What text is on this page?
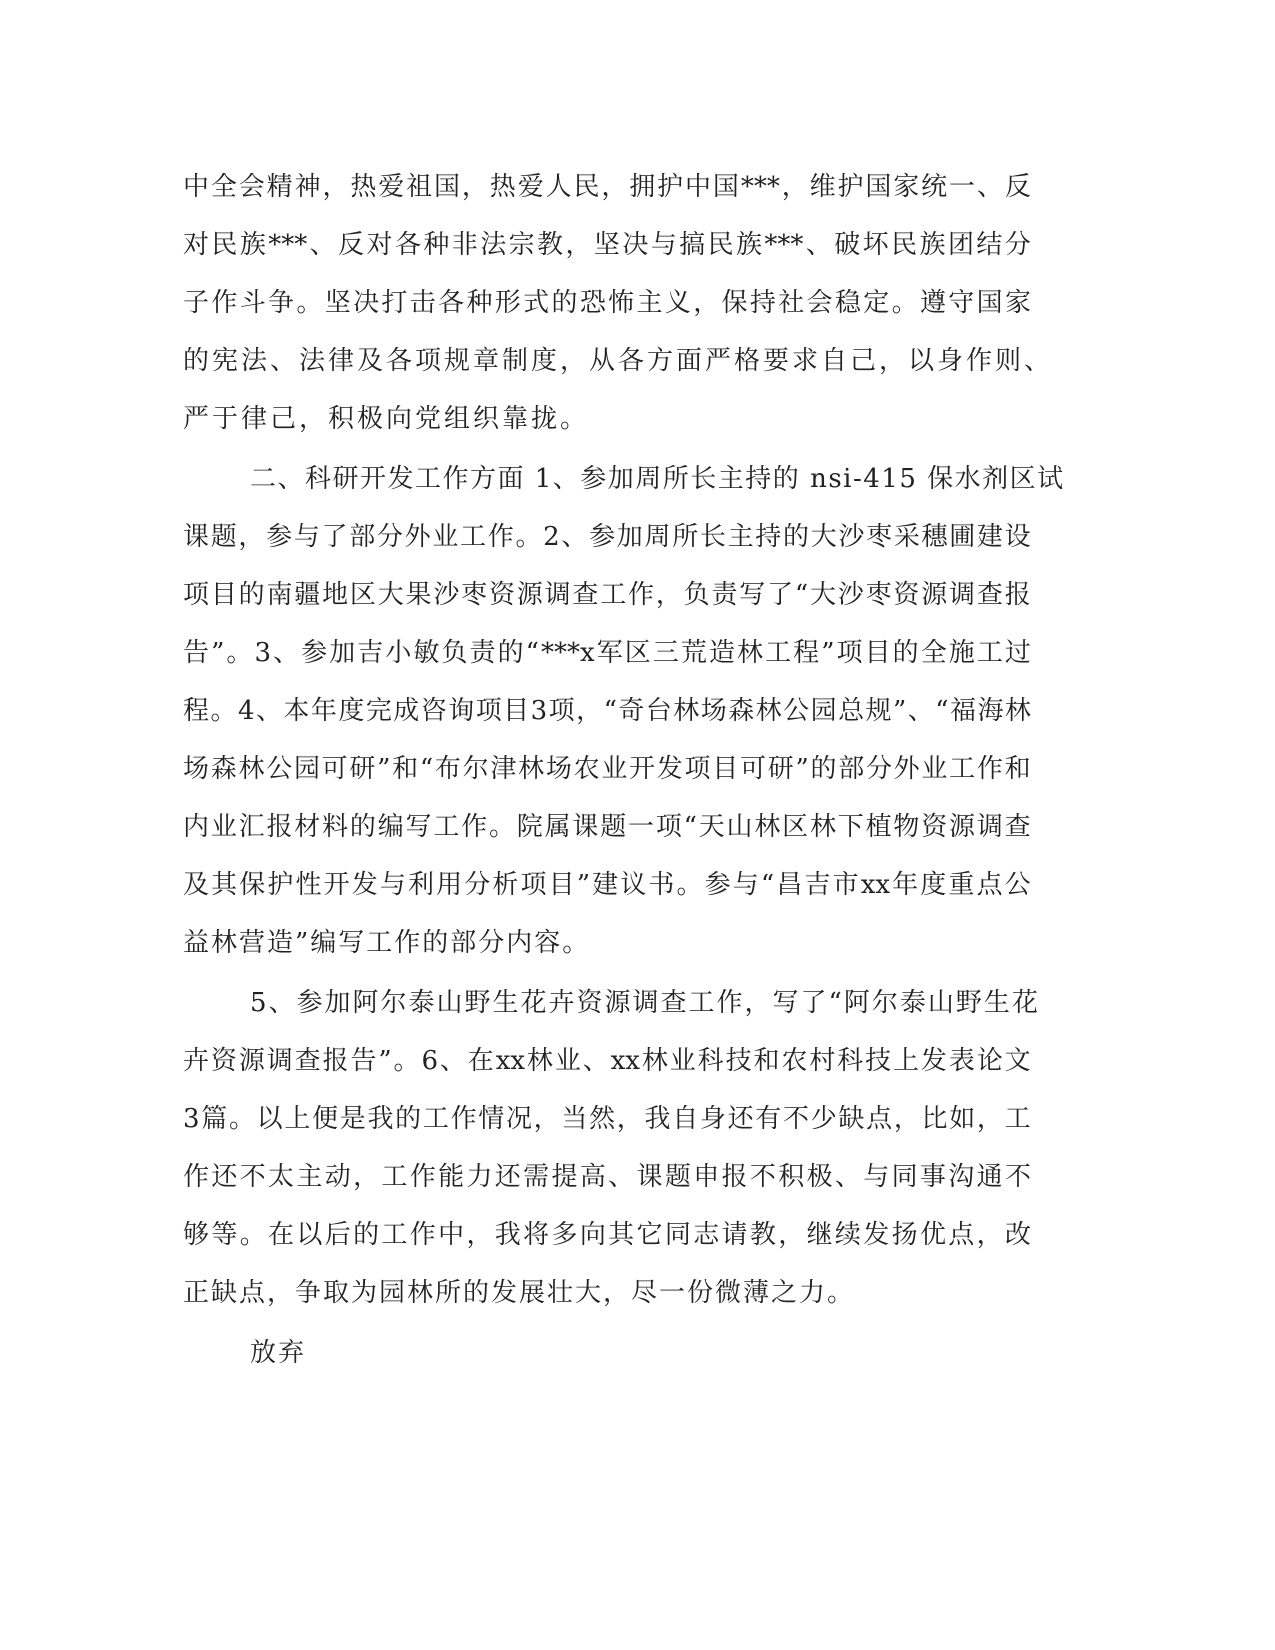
中 全 会 精 神 ， 热 爱 祖 国 ， 热 爱 人 民 ， 拥 护 中 国 *** ， 维 护 国 家 统 一 、 反
对 民 族 *** 、 反 对 各 种 非 法 宗 教 ， 坚 决 与 搞 民 族 *** 、 破 坏 民 族 团 结 分
子 作 斗 争 。 坚 决 打 击 各 种 形 式 的 恐 怖 主 义 ， 保 持 社 会 稳 定 。 遵 守 国 家
的宪法、法律及各项规章制度，从各方面严格要求自己，以身作则、
严于律己，积极向党组织靠拢。
二、科研开发工作方面 1、参加周所长主持的 nsi-415 保水剂区试
课 题 ， 参 与 了 部 分 外 业 工 作 。 2 、 参 加 周 所 长 主 持 的 大 沙 枣 采 穗 圃 建 设
项 目 的 南 疆 地 区 大 果 沙 枣 资 源 调 查 工 作 ， 负 责 写 了 “ 大 沙 枣 资 源 调 查 报
告 ” 。 3 、 参 加 吉 小 敏 负 责 的 “ ***x 军 区 三 荒 造 林 工 程 ” 项 目 的 全 施 工 过
程 。 4 、 本 年 度 完 成 咨 询 项 目 3 项 ， “ 奇 台 林 场 森 林 公 园 总 规 ” 、 “ 福 海 林
场 森 林 公 园 可 研 ” 和 “ 布 尔 津 林 场 农 业 开 发 项 目 可 研 ” 的 部 分 外 业 工 作 和
内 业 汇 报 材 料 的 编 写 工 作 。 院 属 课 题 一 项 “ 天 山 林 区 林 下 植 物 资 源 调 查
及 其 保 护 性 开 发 与 利 用 分 析 项 目 ” 建 议 书 。 参 与 “ 昌 吉 市 xx 年 度 重 点 公
益林营造”编写工作的部分内容。
5、参加阿尔泰山野生花卉资源调查工作，写了“阿尔泰山野生花
卉 资 源 调 查 报 告 ” 。 6 、 在 xx 林 业 、 xx 林 业 科 技 和 农 村 科 技 上 发 表 论 文
3 篇 。 以 上 便 是 我 的 工 作 情 况 ， 当 然 ， 我 自 身 还 有 不 少 缺 点 ， 比 如 ， 工
作 还 不 太 主 动 ， 工 作 能 力 还 需 提 高 、 课 题 申 报 不 积 极 、 与 同 事 沟 通 不
够 等 。 在 以 后 的 工 作 中 ， 我 将 多 向 其 它 同 志 请 教 ， 继 续 发 扬 优 点 ， 改
正缺点，争取为园林所的发展壮大，尽一份微薄之力。
放弃
